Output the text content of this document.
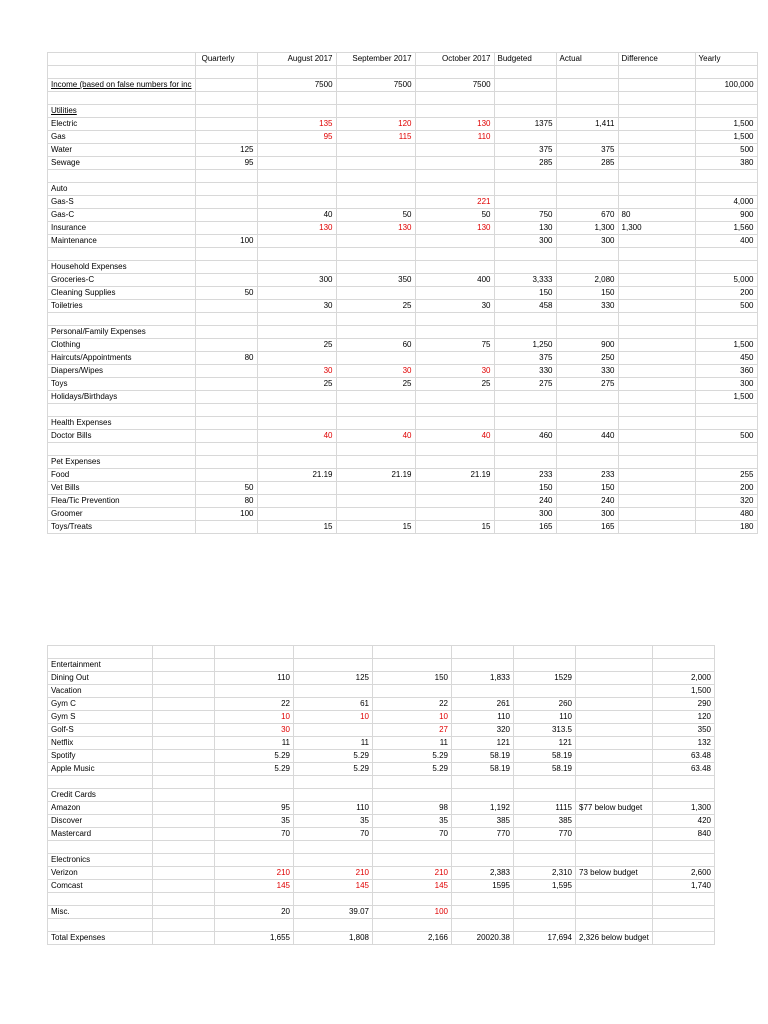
	Quarterly	August 2017	September 2017	October 2017	Budgeted	Actual	Difference	Yearly

Income (based on false numbers for inc		7500	7500	7500				100,000

Utilities								
Electric		135	120	130	1375	1,411		1,500
Gas		95	115	110				1,500
Water	125				375	375		500
Sewage	95				285	285		380

Auto								
Gas-S				221				4,000
Gas-C		40	50	50	750	670	80	900
Insurance		130	130	130	130	1,300	1,300	1,560
Maintenance	100				300	300		400

Household Expenses								
Groceries-C		300	350	400	3,333	2,080		5,000
Cleaning Supplies	50				150	150		200
Toiletries		30	25	30	458	330		500

Personal/Family Expenses								
Clothing		25	60	75	1,250	900		1,500
Haircuts/Appointments	80				375	250		450
Diapers/Wipes		30	30	30	330	330		360
Toys		25	25	25	275	275		300
Holidays/Birthdays								1,500

Health Expenses								
Doctor Bills		40	40	40	460	440		500

Pet Expenses								
Food		21.19	21.19	21.19	233	233		255
Vet Bills	50				150	150		200
Flea/Tic Prevention	80				240	240		320
Groomer	100				300	300		480
Toys/Treats		15	15	15	165	165		180

Entertainment								
Dining Out		110	125	150	1,833	1529		2,000
Vacation								1,500
Gym C		22	61	22	261	260		290
Gym S		10	10	10	110	110		120
Golf-S		30		27	320	313.5		350
Netflix		11	11	11	121	121		132
Spotify		5.29	5.29	5.29	58.19	58.19		63.48
Apple Music		5.29	5.29	5.29	58.19	58.19		63.48

Credit Cards								
Amazon		95	110	98	1,192	1115	$77 below budget	1,300
Discover		35	35	35	385	385		420
Mastercard		70	70	70	770	770		840

Electronics								
Verizon		210	210	210	2,383	2,310	73 below budget	2,600
Comcast		145	145	145	1595	1,595		1,740

Misc.		20	39.07	100				

Total Expenses		1,655	1,808	2,166	20020.38	17,694	2,326 below budget	
